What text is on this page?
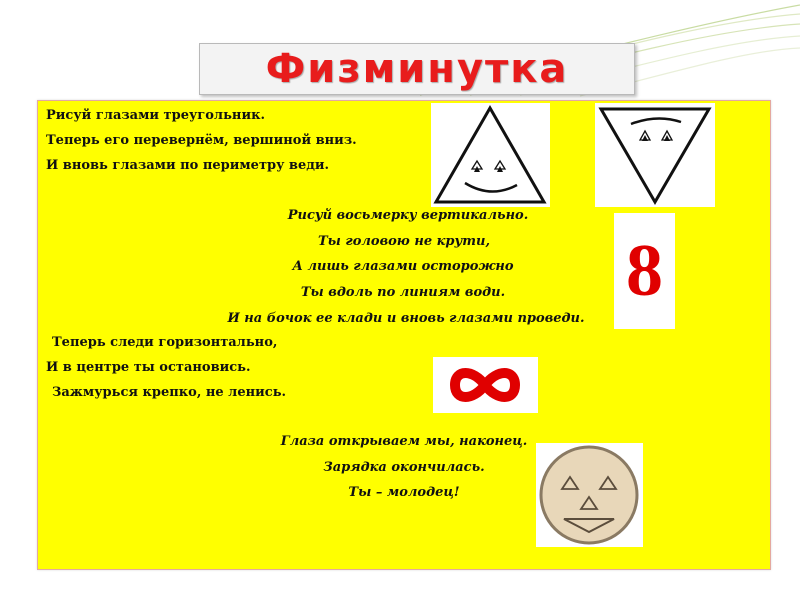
Физминутка
Рисуй глазами треугольник.
Теперь его перевернём, вершиной вниз.
И вновь глазами по периметру веди.
Рисуй восьмерку вертикально.
Ты головою не крути,
А лишь глазами осторожно
Ты вдоль по линиям води.
И на бочок ее клади и вновь глазами проведи.
Теперь следи горизонтально,
И в центре ты остановись.
Зажмурься крепко, не ленись.
Глаза открываем мы, наконец.
Зарядка окончилась.
Ты – молодец!
8
